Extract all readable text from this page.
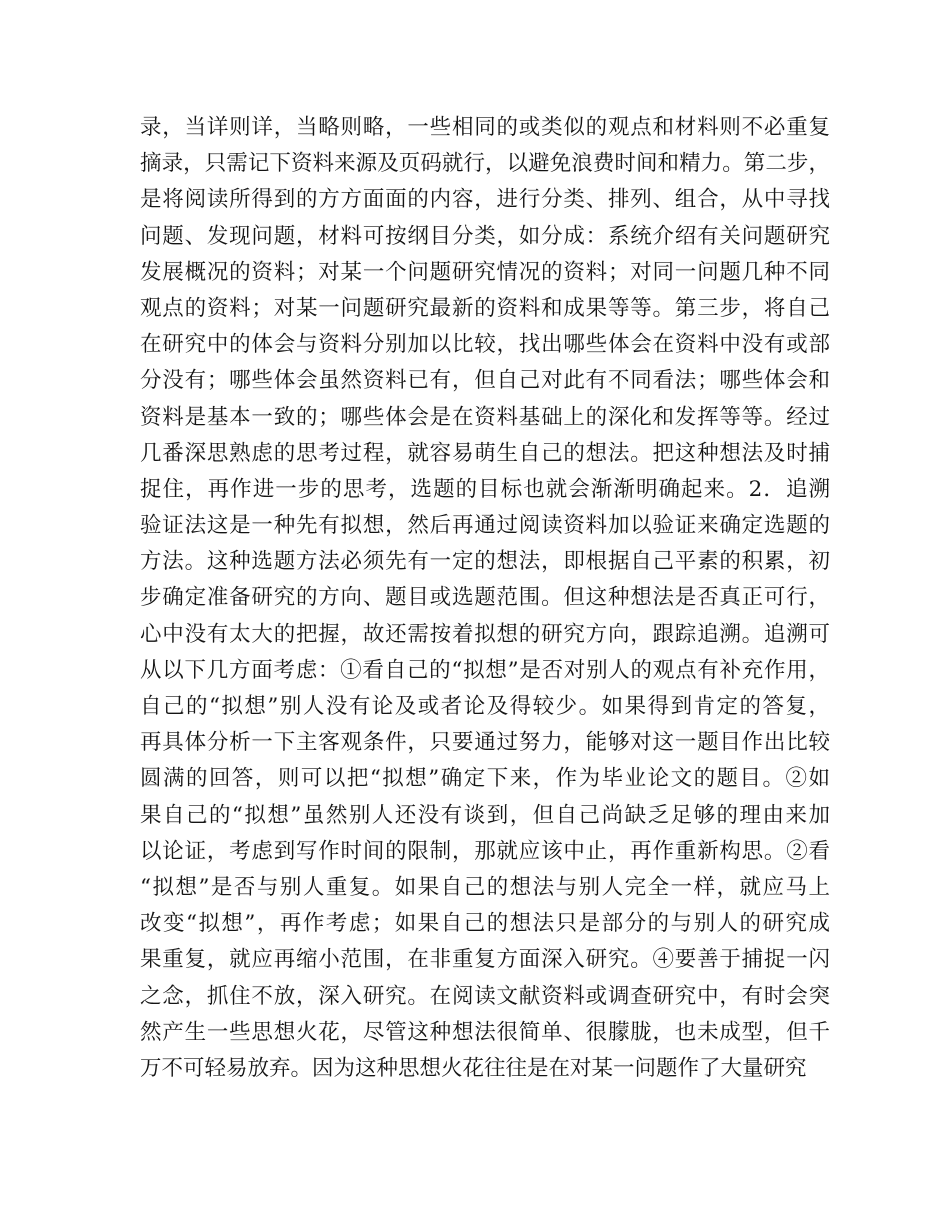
录，当详则详，当略则略，一些相同的或类似的观点和材料则不必重复
摘录，只需记下资料来源及页码就行，以避免浪费时间和精力。第二步，
是将阅读所得到的方方面面的内容，进行分类、排列、组合，从中寻找
问题、发现问题，材料可按纲目分类，如分成：系统介绍有关问题研究
发展概况的资料；对某一个问题研究情况的资料；对同一问题几种不同
观点的资料；对某一问题研究最新的资料和成果等等。第三步，将自己
在研究中的体会与资料分别加以比较，找出哪些体会在资料中没有或部
分没有；哪些体会虽然资料已有，但自己对此有不同看法；哪些体会和
资料是基本一致的；哪些体会是在资料基础上的深化和发挥等等。经过
几番深思熟虑的思考过程，就容易萌生自己的想法。把这种想法及时捕
捉住，再作进一步的思考，选题的目标也就会渐渐明确起来。2．追溯
验证法这是一种先有拟想，然后再通过阅读资料加以验证来确定选题的
方法。这种选题方法必须先有一定的想法，即根据自己平素的积累，初
步确定准备研究的方向、题目或选题范围。但这种想法是否真正可行，
心中没有太大的把握，故还需按着拟想的研究方向，跟踪追溯。追溯可
从以下几方面考虑：①看自己的“拟想”是否对别人的观点有补充作用，
自己的“拟想”别人没有论及或者论及得较少。如果得到肯定的答复，
再具体分析一下主客观条件，只要通过努力，能够对这一题目作出比较
圆满的回答，则可以把“拟想”确定下来，作为毕业论文的题目。②如
果自己的“拟想”虽然别人还没有谈到，但自己尚缺乏足够的理由来加
以论证，考虑到写作时间的限制，那就应该中止，再作重新构思。②看
“拟想”是否与别人重复。如果自己的想法与别人完全一样，就应马上
改变“拟想”，再作考虑；如果自己的想法只是部分的与别人的研究成
果重复，就应再缩小范围，在非重复方面深入研究。④要善于捕捉一闪
之念，抓住不放，深入研究。在阅读文献资料或调查研究中，有时会突
然产生一些思想火花，尽管这种想法很简单、很朦胧，也未成型，但千
万不可轻易放弃。因为这种思想火花往往是在对某一问题作了大量研究
